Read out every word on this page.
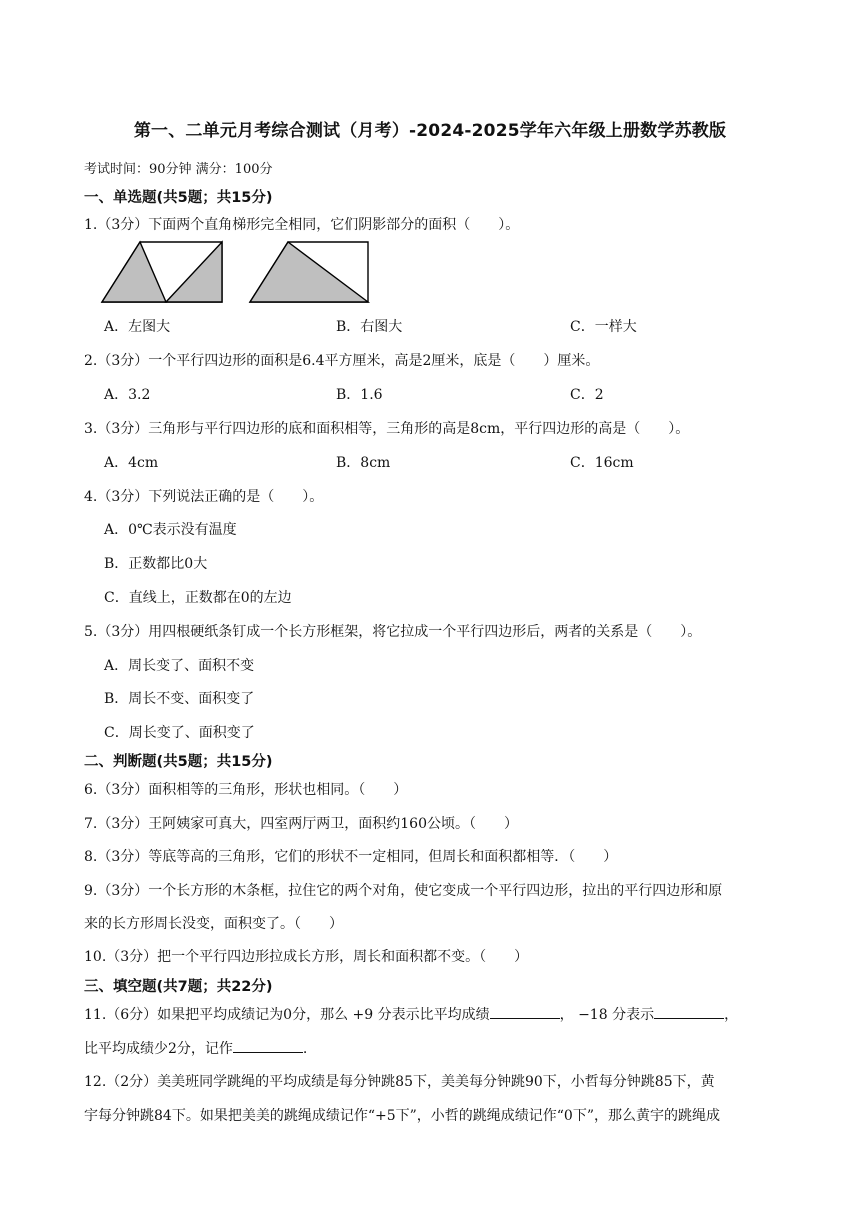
第一、二单元月考综合测试（月考）-2024-2025学年六年级上册数学苏教版
考试时间：90分钟 满分：100分
一、单选题(共5题；共15分)
1.（3分）下面两个直角梯形完全相同，它们阴影部分的面积（　　）。
A．左图大	B．右图大	C．一样大
2.（3分）一个平行四边形的面积是6.4平方厘米，高是2厘米，底是（　　）厘米。
A．3.2	B．1.6	C．2
3.（3分）三角形与平行四边形的底和面积相等，三角形的高是8cm，平行四边形的高是（　　）。
A．4cm	B．8cm	C．16cm
4.（3分）下列说法正确的是（　　）。
A．0℃表示没有温度
B．正数都比0大
C．直线上，正数都在0的左边
5.（3分）用四根硬纸条钉成一个长方形框架，将它拉成一个平行四边形后，两者的关系是（　　）。
A．周长变了、面积不变
B．周长不变、面积变了
C．周长变了、面积变了
二、判断题(共5题；共15分)
6.（3分）面积相等的三角形，形状也相同。（　　）
7.（3分）王阿姨家可真大，四室两厅两卫，面积约160公顷。（　　）
8.（3分）等底等高的三角形，它们的形状不一定相同，但周长和面积都相等．（　　）
9.（3分）一个长方形的木条框，拉住它的两个对角，使它变成一个平行四边形，拉出的平行四边形和原
来的长方形周长没变，面积变了。（　　）
10.（3分）把一个平行四边形拉成长方形，周长和面积都不变。（　　）
三、填空题(共7题；共22分)
11.（6分）如果把平均成绩记为0分，那么 +9 分表示比平均成绩	， −18 分表示	，
比平均成绩少2分，记作	.
12.（2分）美美班同学跳绳的平均成绩是每分钟跳85下，美美每分钟跳90下，小哲每分钟跳85下，黄
宇每分钟跳84下。如果把美美的跳绳成绩记作“+5下”，小哲的跳绳成绩记作“0下”，那么黄宇的跳绳成
